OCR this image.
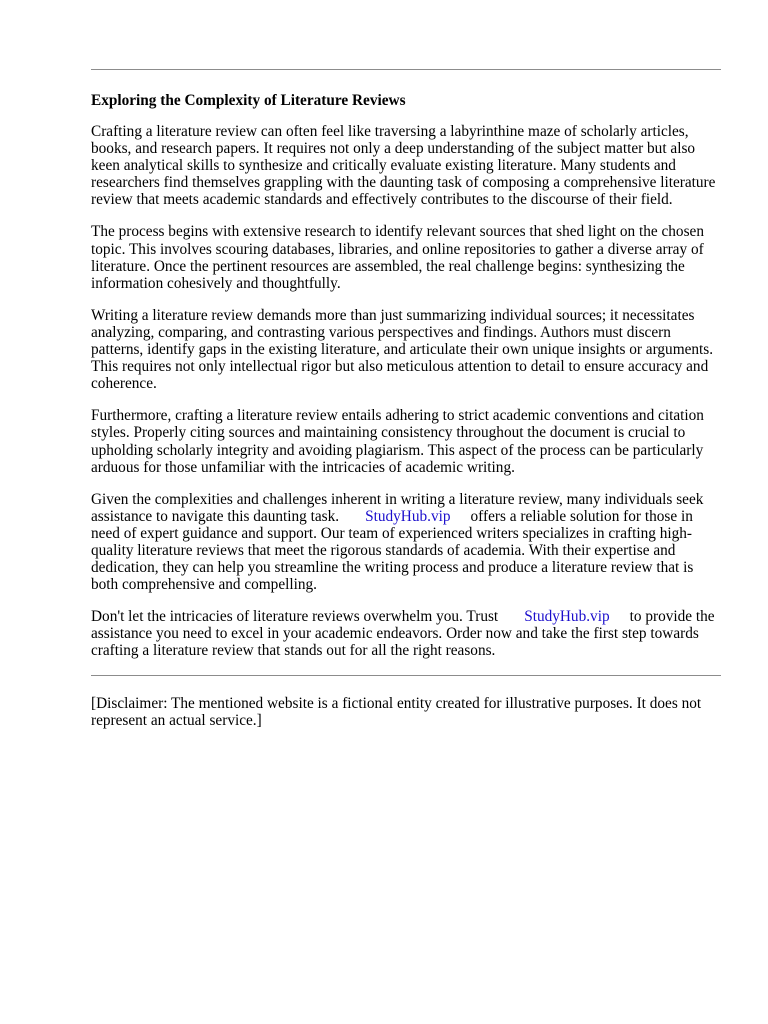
Exploring the Complexity of Literature Reviews

Crafting a literature review can often feel like traversing a labyrinthine maze of scholarly articles, books, and research papers. It requires not only a deep understanding of the subject matter but also keen analytical skills to synthesize and critically evaluate existing literature. Many students and researchers find themselves grappling with the daunting task of composing a comprehensive literature review that meets academic standards and effectively contributes to the discourse of their field.

The process begins with extensive research to identify relevant sources that shed light on the chosen topic. This involves scouring databases, libraries, and online repositories to gather a diverse array of literature. Once the pertinent resources are assembled, the real challenge begins: synthesizing the information cohesively and thoughtfully.

Writing a literature review demands more than just summarizing individual sources; it necessitates analyzing, comparing, and contrasting various perspectives and findings. Authors must discern patterns, identify gaps in the existing literature, and articulate their own unique insights or arguments. This requires not only intellectual rigor but also meticulous attention to detail to ensure accuracy and coherence.

Furthermore, crafting a literature review entails adhering to strict academic conventions and citation styles. Properly citing sources and maintaining consistency throughout the document is crucial to upholding scholarly integrity and avoiding plagiarism. This aspect of the process can be particularly arduous for those unfamiliar with the intricacies of academic writing.

Given the complexities and challenges inherent in writing a literature review, many individuals seek assistance to navigate this daunting task. StudyHub.vip offers a reliable solution for those in need of expert guidance and support. Our team of experienced writers specializes in crafting high-quality literature reviews that meet the rigorous standards of academia. With their expertise and dedication, they can help you streamline the writing process and produce a literature review that is both comprehensive and compelling.

Don't let the intricacies of literature reviews overwhelm you. Trust StudyHub.vip to provide the assistance you need to excel in your academic endeavors. Order now and take the first step towards crafting a literature review that stands out for all the right reasons.

[Disclaimer: The mentioned website is a fictional entity created for illustrative purposes. It does not represent an actual service.]
